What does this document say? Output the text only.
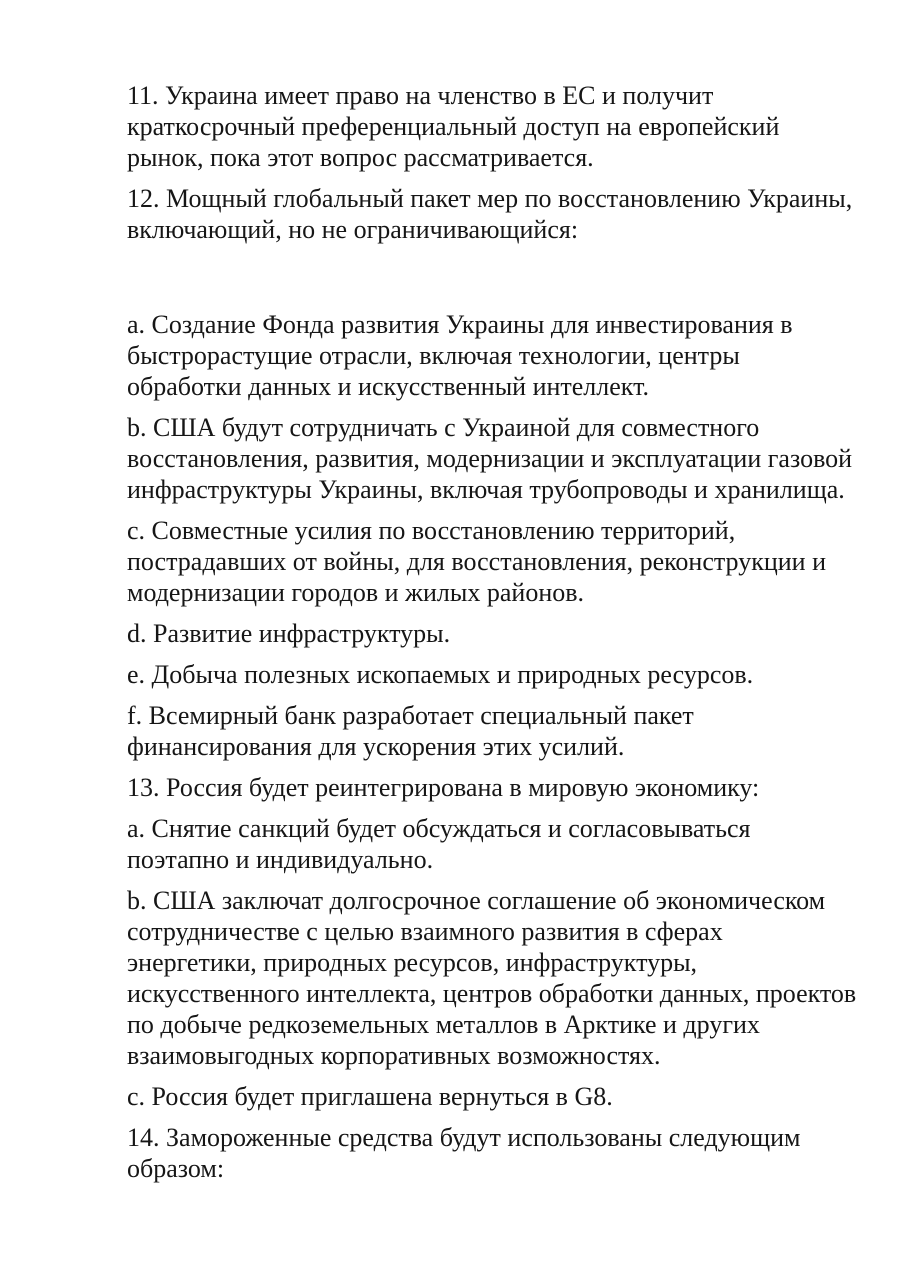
11. Украина имеет право на членство в ЕС и получит краткосрочный преференциальный доступ на европейский рынок, пока этот вопрос рассматривается.

12. Мощный глобальный пакет мер по восстановлению Украины, включающий, но не ограничивающийся:

a. Создание Фонда развития Украины для инвестирования в быстрорастущие отрасли, включая технологии, центры обработки данных и искусственный интеллект.

b. США будут сотрудничать с Украиной для совместного восстановления, развития, модернизации и эксплуатации газовой инфраструктуры Украины, включая трубопроводы и хранилища.

c. Совместные усилия по восстановлению территорий, пострадавших от войны, для восстановления, реконструкции и модернизации городов и жилых районов.

d. Развитие инфраструктуры.

e. Добыча полезных ископаемых и природных ресурсов.

f. Всемирный банк разработает специальный пакет финансирования для ускорения этих усилий.

13. Россия будет реинтегрирована в мировую экономику:

a. Снятие санкций будет обсуждаться и согласовываться поэтапно и индивидуально.

b. США заключат долгосрочное соглашение об экономическом сотрудничестве с целью взаимного развития в сферах энергетики, природных ресурсов, инфраструктуры, искусственного интеллекта, центров обработки данных, проектов по добыче редкоземельных металлов в Арктике и других взаимовыгодных корпоративных возможностях.

c. Россия будет приглашена вернуться в G8.

14. Замороженные средства будут использованы следующим образом:
